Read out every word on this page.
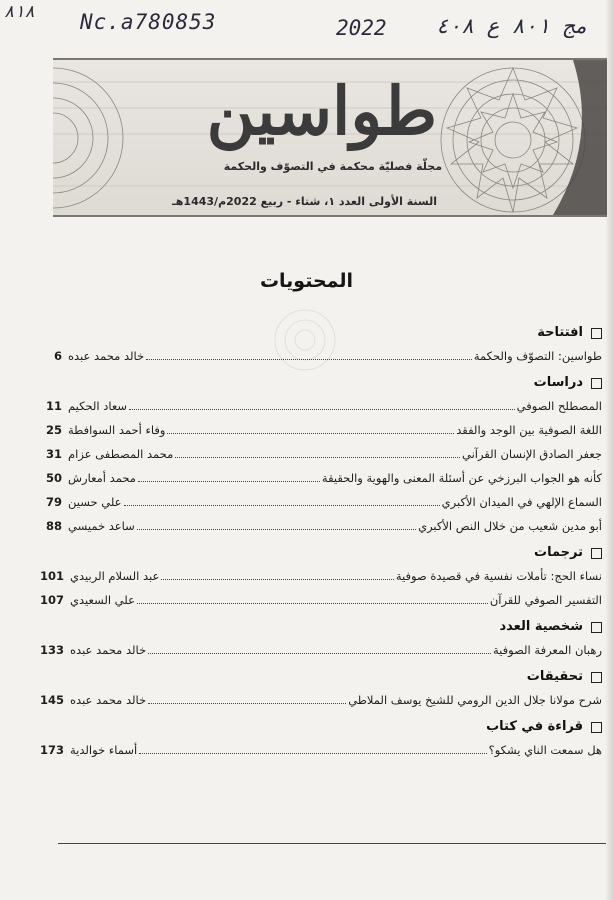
٨١٨ Nc.a780853	2022 مج ٨٠١ ع ٤٠٨
طواسين
مجلّة فصليّة محكمة في التصوّف والحكمة
السنة الأولى العدد ١، شتاء - ربيع 2022م/1443هـ
المحتويات
افتتاحة
طواسين: التصوّف والحكمة
خالد محمد عبده
6
دراسات
المصطلح الصوفي
سعاد الحكيم
11
اللغة الصوفية بين الوجد والفقد
وفاء أحمد السوافطة
25
جعفر الصادق الإنسان القرآني
محمد المصطفى عزام
31
كأنه هو الجواب البرزخي عن أسئلة المعنى والهوية والحقيقة
محمد أمعارش
50
السماع الإلهي في الميدان الأكبري
علي حسين
79
أبو مدين شعيب من خلال النص الأكبري
ساعد خميسي
88
ترجمات
نساء الحج: تأملات نفسية في قصيدة صوفية
عبد السلام الربيدي
101
التفسير الصوفي للقرآن
علي السعيدي
107
شخصية العدد
رهبان المعرفة الصوفية
خالد محمد عبده
133
تحقيقات
شرح مولانا جلال الدين الرومي للشيخ يوسف الملاطي
خالد محمد عبده
145
قراءة في كتاب
هل سمعت الناي يشكو؟
أسماء خوالدية
173
